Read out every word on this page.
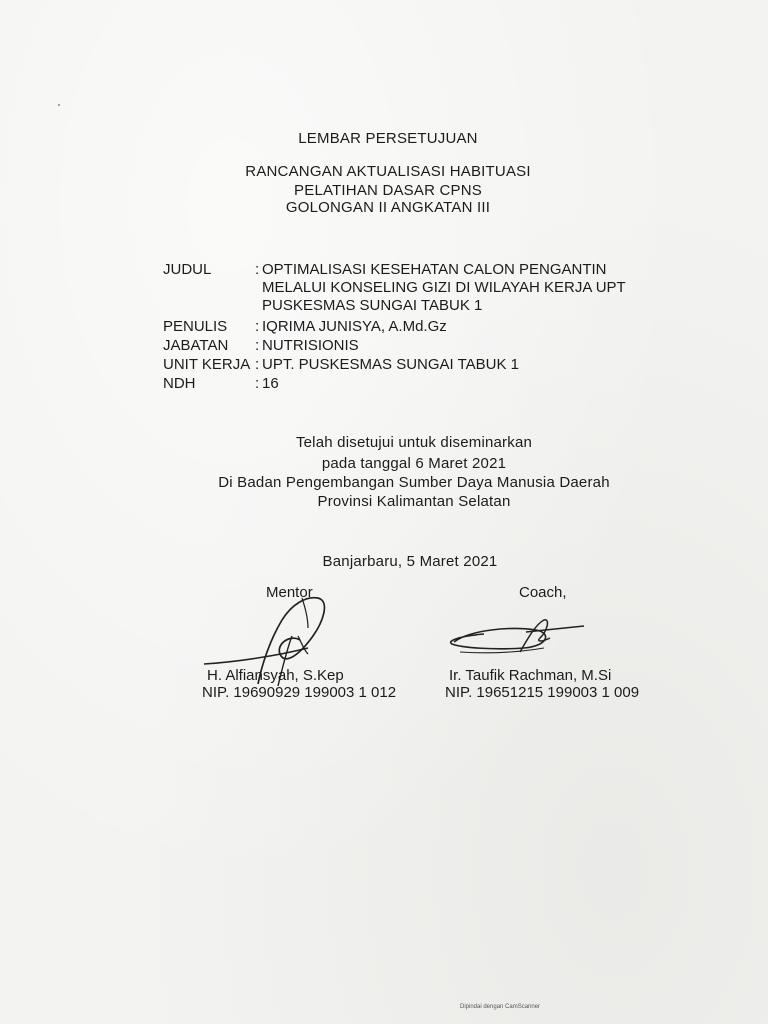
LEMBAR PERSETUJUAN
RANCANGAN AKTUALISASI HABITUASI
PELATIHAN DASAR CPNS
GOLONGAN II ANGKATAN III
JUDUL	: OPTIMALISASI KESEHATAN CALON PENGANTIN
MELALUI KONSELING GIZI DI WILAYAH KERJA UPT
PUSKESMAS SUNGAI TABUK 1
PENULIS : IQRIMA JUNISYA, A.Md.Gz
JABATAN : NUTRISIONIS
UNIT KERJA : UPT. PUSKESMAS SUNGAI TABUK 1
NDH	: 16
Telah disetujui untuk diseminarkan
pada tanggal 6 Maret 2021
Di Badan Pengembangan Sumber Daya Manusia Daerah
Provinsi Kalimantan Selatan
Banjarbaru, 5 Maret 2021
Mentor
H. Alfiansyah, S.Kep
NIP. 19690929 199003 1 012
Coach,
Ir. Taufik Rachman, M.Si
NIP. 19651215 199003 1 009
Dipindai dengan CamScanner
